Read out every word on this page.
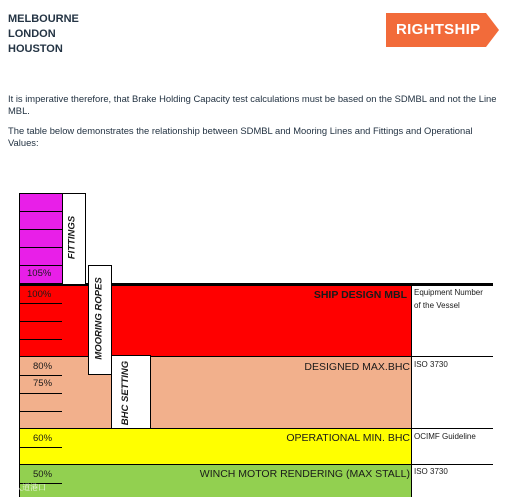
MELBOURNE
LONDON
HOUSTON
RIGHTSHIP
It is imperative therefore, that Brake Holding Capacity test calculations must be based on the SDMBL and not the Line MBL.
The table below demonstrates the relationship between SDMBL and Mooring Lines and Fittings and Operational Values:
105%
100%
80%
75%
60%
50%
FITTINGS
MOORING ROPES
BHC SETTING
SHIP DESIGN MBL
DESIGNED MAX.BHC
OPERATIONAL MIN. BHC
WINCH MOTOR RENDERING (MAX STALL)
Equipment Number of the Vessel
ISO 3730
OCIMF Guideline
ISO 3730
© 人道港口
